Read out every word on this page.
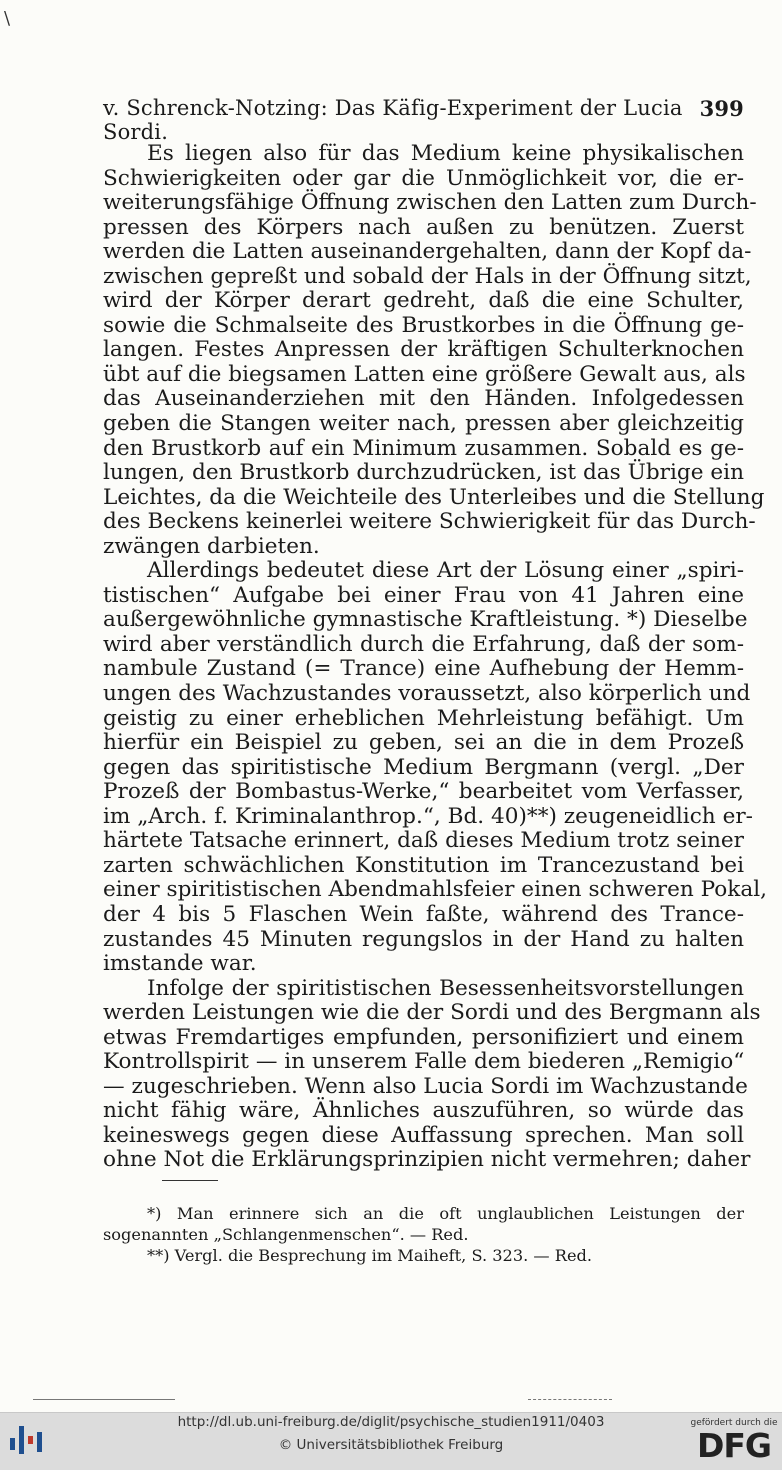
\
v. Schrenck-Notzing: Das Käfig-Experiment der Lucia Sordi.
399
Es liegen also für das Medium keine physikalischen
Schwierigkeiten oder gar die Unmöglichkeit vor, die er-
weiterungsfähige Öffnung zwischen den Latten zum Durch-
pressen des Körpers nach außen zu benützen. Zuerst
werden die Latten auseinandergehalten, dann der Kopf da-
zwischen gepreßt und sobald der Hals in der Öffnung sitzt,
wird der Körper derart gedreht, daß die eine Schulter,
sowie die Schmalseite des Brustkorbes in die Öffnung ge-
langen. Festes Anpressen der kräftigen Schulterknochen
übt auf die biegsamen Latten eine größere Gewalt aus, als
das Auseinanderziehen mit den Händen. Infolgedessen
geben die Stangen weiter nach, pressen aber gleichzeitig
den Brustkorb auf ein Minimum zusammen. Sobald es ge-
lungen, den Brustkorb durchzudrücken, ist das Übrige ein
Leichtes, da die Weichteile des Unterleibes und die Stellung
des Beckens keinerlei weitere Schwierigkeit für das Durch-
zwängen darbieten.
Allerdings bedeutet diese Art der Lösung einer „spiri-
tistischen“ Aufgabe bei einer Frau von 41 Jahren eine
außergewöhnliche gymnastische Kraftleistung. *) Dieselbe
wird aber verständlich durch die Erfahrung, daß der som-
nambule Zustand (= Trance) eine Aufhebung der Hemm-
ungen des Wachzustandes voraussetzt, also körperlich und
geistig zu einer erheblichen Mehrleistung befähigt. Um
hierfür ein Beispiel zu geben, sei an die in dem Prozeß
gegen das spiritistische Medium Bergmann (vergl. „Der
Prozeß der Bombastus-Werke,“ bearbeitet vom Verfasser,
im „Arch. f. Kriminalanthrop.“, Bd. 40)**) zeugeneidlich er-
härtete Tatsache erinnert, daß dieses Medium trotz seiner
zarten schwächlichen Konstitution im Trancezustand bei
einer spiritistischen Abendmahlsfeier einen schweren Pokal,
der 4 bis 5 Flaschen Wein faßte, während des Trance-
zustandes 45 Minuten regungslos in der Hand zu halten
imstande war.
Infolge der spiritistischen Besessenheitsvorstellungen
werden Leistungen wie die der Sordi und des Bergmann als
etwas Fremdartiges empfunden, personifiziert und einem
Kontrollspirit — in unserem Falle dem biederen „Remigio“
— zugeschrieben. Wenn also Lucia Sordi im Wachzustande
nicht fähig wäre, Ähnliches auszuführen, so würde das
keineswegs gegen diese Auffassung sprechen. Man soll
ohne Not die Erklärungsprinzipien nicht vermehren; daher
*) Man erinnere sich an die oft unglaublichen Leistungen der
sogenannten „Schlangenmenschen“. — Red.
**) Vergl. die Besprechung im Maiheft, S. 323. — Red.
http://dl.ub.uni-freiburg.de/diglit/psychische_studien1911/0403
© Universitätsbibliothek Freiburg
gefördert durch die
DFG
